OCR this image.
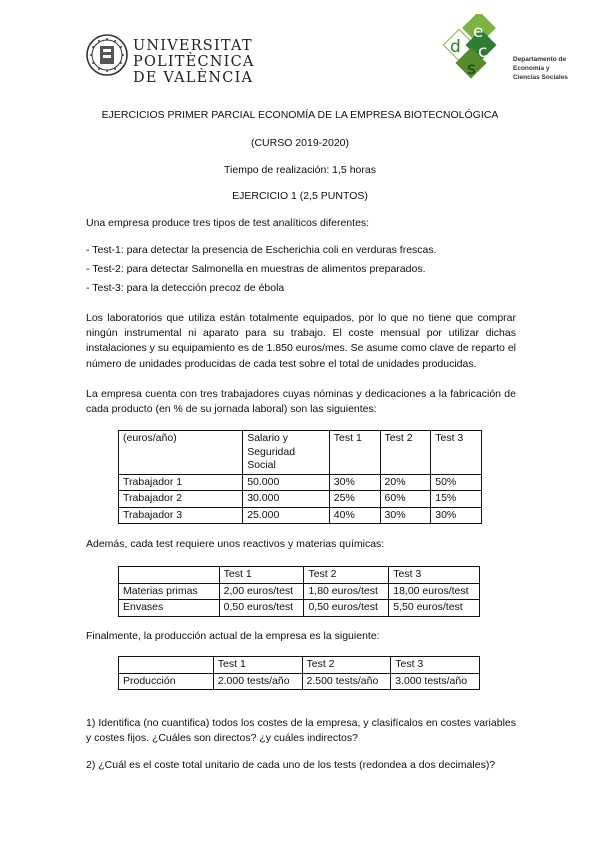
UNIVERSITAT
POLITÈCNICA
DE VALÈNCIA
d
e
c
s	Departamento de
Economía y
Ciencias Sociales
EJERCICIOS PRIMER PARCIAL ECONOMÍA DE LA EMPRESA BIOTECNOLÓGICA
(CURSO 2019-2020)
Tiempo de realización: 1,5 horas
EJERCICIO 1 (2,5 PUNTOS)
Una empresa produce tres tipos de test analíticos diferentes:
- Test-1: para detectar la presencia de Escherichia coli en verduras frescas.
- Test-2: para detectar Salmonella en muestras de alimentos preparados.
- Test-3: para la detección precoz de ébola
Los laboratorios que utiliza están totalmente equipados, por lo que no tiene que comprar ningún instrumental ni aparato para su trabajo. El coste mensual por utilizar dichas instalaciones y su equipamiento es de 1.850 euros/mes. Se asume como clave de reparto el número de unidades producidas de cada test sobre el total de unidades producidas.
La empresa cuenta con tres trabajadores cuyas nóminas y dedicaciones a la fabricación de cada producto (en % de su jornada laboral) son las siguientes:
(euros/año)	Salario y Seguridad Social	Test 1	Test 2	Test 3
Trabajador 1	50.000	30%	20%	50%
Trabajador 2	30.000	25%	60%	15%
Trabajador 3	25.000	40%	30%	30%
Además, cada test requiere unos reactivos y materias químicas:
	Test 1	Test 2	Test 3
Materias primas	2,00 euros/test	1,80 euros/test	18,00 euros/test
Envases	0,50 euros/test	0,50 euros/test	5,50 euros/test
Finalmente, la producción actual de la empresa es la siguiente:
	Test 1	Test 2	Test 3
Producción	2.000 tests/año	2.500 tests/año	3.000 tests/año
1) Identifica (no cuantifica) todos los costes de la empresa, y clasifícalos en costes variables y costes fijos. ¿Cuáles son directos? ¿y cuáles indirectos?
2) ¿Cuál es el coste total unitario de cada uno de los tests (redondea a dos decimales)?
